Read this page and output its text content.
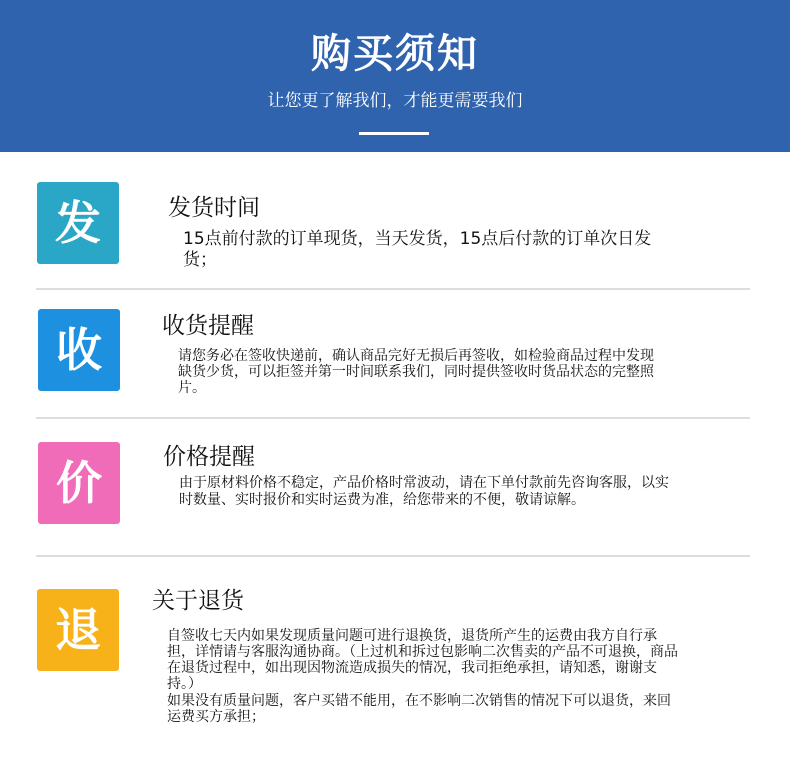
购买须知
让您更了解我们，才能更需要我们
发	发货时间
15点前付款的订单现货，当天发货，15点后付款的订单次日发货；
收	收货提醒
请您务必在签收快递前，确认商品完好无损后再签收，如检验商品过程中发现缺货少货，可以拒签并第一时间联系我们，同时提供签收时货品状态的完整照片。
价	价格提醒
由于原材料价格不稳定，产品价格时常波动，请在下单付款前先咨询客服，以实时数量、实时报价和实时运费为准，给您带来的不便，敬请谅解。
退
关于退货
自签收七天内如果发现质量问题可进行退换货，退货所产生的运费由我方自行承担，详情请与客服沟通协商。（上过机和拆过包影响二次售卖的产品不可退换，商品在退货过程中，如出现因物流造成损失的情况，我司拒绝承担，请知悉，谢谢支持。）
如果没有质量问题，客户买错不能用，在不影响二次销售的情况下可以退货，来回运费买方承担；
